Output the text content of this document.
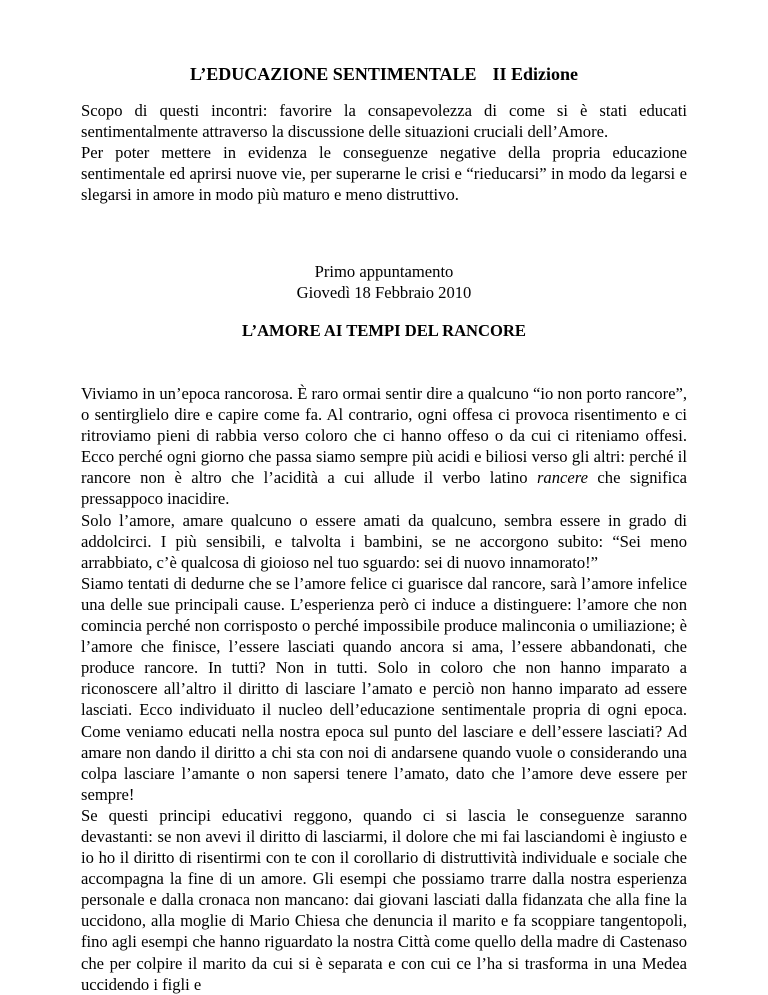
L’EDUCAZIONE SENTIMENTALE II Edizione

Scopo di questi incontri: favorire la consapevolezza di come si è stati educati sentimentalmente attraverso la discussione delle situazioni cruciali dell’Amore.

Per poter mettere in evidenza le conseguenze negative della propria educazione sentimentale ed aprirsi nuove vie, per superarne le crisi e “rieducarsi” in modo da legarsi e slegarsi in amore in modo più maturo e meno distruttivo.

Primo appuntamento

Giovedì 18 Febbraio 2010

L’AMORE AI TEMPI DEL RANCORE

Viviamo in un’epoca rancorosa. È raro ormai sentir dire a qualcuno “io non porto rancore”, o sentirglielo dire e capire come fa. Al contrario, ogni offesa ci provoca risentimento e ci ritroviamo pieni di rabbia verso coloro che ci hanno offeso o da cui ci riteniamo offesi. Ecco perché ogni giorno che passa siamo sempre più acidi e biliosi verso gli altri: perché il rancore non è altro che l’acidità a cui allude il verbo latino rancere che significa pressappoco inacidire.

Solo l’amore, amare qualcuno o essere amati da qualcuno, sembra essere in grado di addolcirci. I più sensibili, e talvolta i bambini, se ne accorgono subito: “Sei meno arrabbiato, c’è qualcosa di gioioso nel tuo sguardo: sei di nuovo innamorato!”

Siamo tentati di dedurne che se l’amore felice ci guarisce dal rancore, sarà l’amore infelice una delle sue principali cause. L’esperienza però ci induce a distinguere: l’amore che non comincia perché non corrisposto o perché impossibile produce malinconia o umiliazione; è l’amore che finisce, l’essere lasciati quando ancora si ama, l’essere abbandonati, che produce rancore. In tutti? Non in tutti. Solo in coloro che non hanno imparato a riconoscere all’altro il diritto di lasciare l’amato e perciò non hanno imparato ad essere lasciati. Ecco individuato il nucleo dell’educazione sentimentale propria di ogni epoca. Come veniamo educati nella nostra epoca sul punto del lasciare e dell’essere lasciati? Ad amare non dando il diritto a chi sta con noi di andarsene quando vuole o considerando una colpa lasciare l’amante o non sapersi tenere l’amato, dato che l’amore deve essere per sempre!

Se questi principi educativi reggono, quando ci si lascia le conseguenze saranno devastanti: se non avevi il diritto di lasciarmi, il dolore che mi fai lasciandomi è ingiusto e io ho il diritto di risentirmi con te con il corollario di distruttività individuale e sociale che accompagna la fine di un amore. Gli esempi che possiamo trarre dalla nostra esperienza personale e dalla cronaca non mancano: dai giovani lasciati dalla fidanzata che alla fine la uccidono, alla moglie di Mario Chiesa che denuncia il marito e fa scoppiare tangentopoli, fino agli esempi che hanno riguardato la nostra Città come quello della madre di Castenaso che per colpire il marito da cui si è separata e con cui ce l’ha si trasforma in una Medea uccidendo i figli e
